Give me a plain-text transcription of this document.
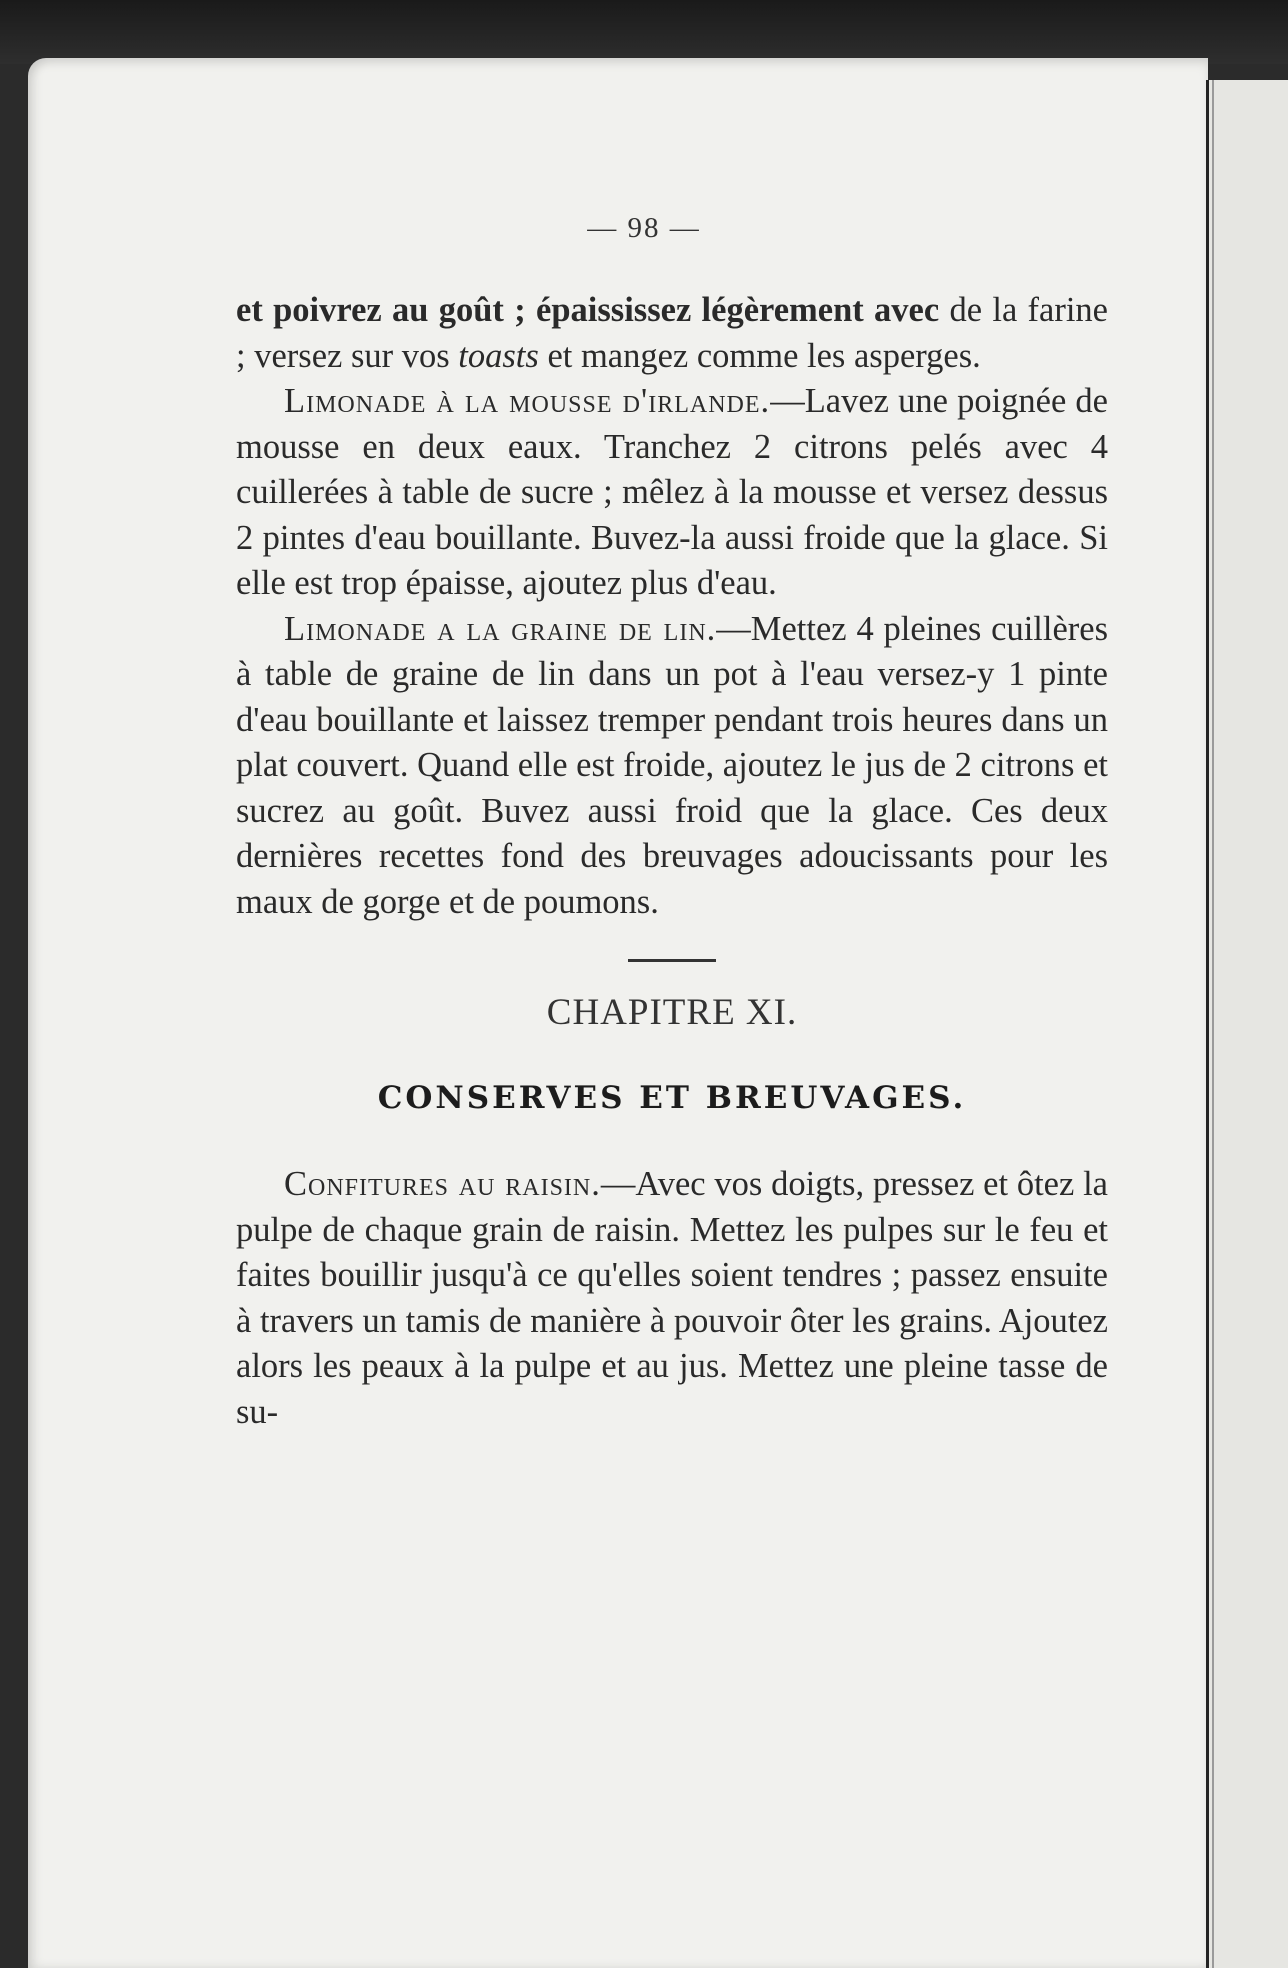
— 98 —

et poivrez au goût ; épaississez légèrement avec de la farine ; versez sur vos toasts et mangez comme les asperges.

Limonade à la mousse d'irlande.—Lavez une poignée de mousse en deux eaux. Tranchez 2 citrons pelés avec 4 cuillerées à table de sucre ; mêlez à la mousse et versez dessus 2 pintes d'eau bouillante. Buvez-la aussi froide que la glace. Si elle est trop épaisse, ajoutez plus d'eau.

Limonade a la graine de lin.—Mettez 4 pleines cuillères à table de graine de lin dans un pot à l'eau versez-y 1 pinte d'eau bouillante et laissez tremper pendant trois heures dans un plat couvert. Quand elle est froide, ajoutez le jus de 2 citrons et sucrez au goût. Buvez aussi froid que la glace. Ces deux dernières recettes fond des breuvages adoucissants pour les maux de gorge et de poumons.

CHAPITRE XI.

CONSERVES ET BREUVAGES.

Confitures au raisin.—Avec vos doigts, pressez et ôtez la pulpe de chaque grain de raisin. Mettez les pulpes sur le feu et faites bouillir jusqu'à ce qu'elles soient tendres ; passez ensuite à travers un tamis de manière à pouvoir ôter les grains. Ajoutez alors les peaux à la pulpe et au jus. Mettez une pleine tasse de su-
